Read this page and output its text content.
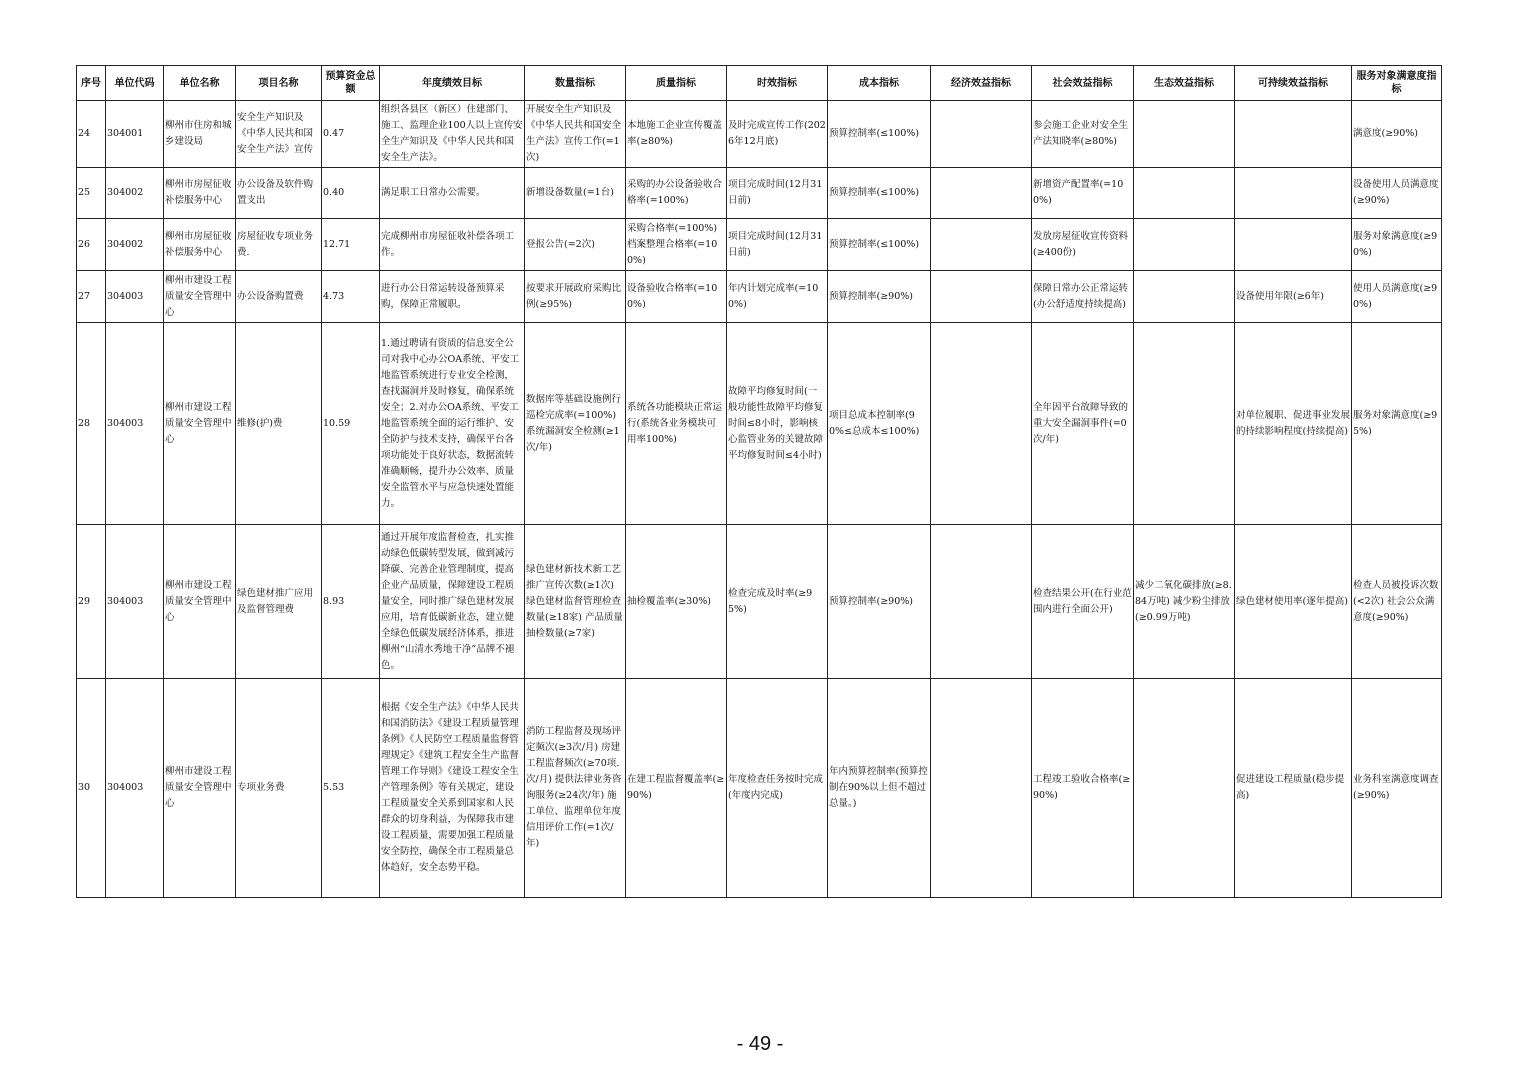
序号	单位代码	单位名称	项目名称	预算资金总额	年度绩效目标	数量指标	质量指标	时效指标	成本指标	经济效益指标	社会效益指标	生态效益指标	可持续效益指标	服务对象满意度指标
24	304001	柳州市住房和城乡建设局	安全生产知识及《中华人民共和国安全生产法》宣传	0.47	组织各县区（新区）住建部门、施工、监理企业100人以上宣传安全生产知识及《中华人民共和国安全生产法》。	开展安全生产知识及《中华人民共和国安全生产法》宣传工作(=1次)	本地施工企业宣传覆盖率(≥80%)	及时完成宣传工作(2026年12月底)	预算控制率(≤100%)		参会施工企业对安全生产法知晓率(≥80%)			满意度(≥90%)
25	304002	柳州市房屋征收补偿服务中心	办公设备及软件购置支出	0.40	满足职工日常办公需要。	新增设备数量(=1台)	采购的办公设备验收合格率(=100%)	项目完成时间(12月31日前)	预算控制率(≤100%)		新增资产配置率(=100%)			设备使用人员满意度(≥90%)
26	304002	柳州市房屋征收补偿服务中心	房屋征收专项业务费.	12.71	完成柳州市房屋征收补偿各项工作。	登报公告(=2次)	采购合格率(=100%) 档案整理合格率(=100%)	项目完成时间(12月31日前)	预算控制率(≤100%)		发放房屋征收宣传资料(≥400份)			服务对象满意度(≥90%)
27	304003	柳州市建设工程质量安全管理中心	办公设备购置费	4.73	进行办公日常运转设备预算采购，保障正常履职。	按要求开展政府采购比例(≥95%)	设备验收合格率(=100%)	年内计划完成率(=100%)	预算控制率(≥90%)		保障日常办公正常运转(办公舒适度持续提高)		设备使用年限(≥6年)	使用人员满意度(≥90%)
28	304003	柳州市建设工程质量安全管理中心	维修(护)费	10.59	1.通过聘请有资质的信息安全公司对我中心办公OA系统、平安工地监管系统进行专业安全检测，查找漏洞并及时修复，确保系统安全；2.对办公OA系统、平安工地监管系统全面的运行维护、安全防护与技术支持，确保平台各项功能处于良好状态，数据流转准确顺畅，提升办公效率、质量安全监管水平与应急快速处置能力。	数据库等基础设施例行巡检完成率(=100%) 系统漏洞安全检测(≥1次/年)	系统各功能模块正常运行(系统各业务模块可用率100%)	故障平均修复时间(一般功能性故障平均修复时间≤8小时，影响核心监管业务的关键故障平均修复时间≤4小时)	项目总成本控制率(90%≤总成本≤100%)		全年因平台故障导致的重大安全漏洞事件(=0次/年)		对单位履职、促进事业发展的持续影响程度(持续提高)	服务对象满意度(≥95%)
29	304003	柳州市建设工程质量安全管理中心	绿色建材推广应用及监督管理费	8.93	通过开展年度监督检查，扎实推动绿色低碳转型发展，做到减污降碳、完善企业管理制度，提高企业产品质量，保障建设工程质量安全，同时推广绿色建材发展应用，培育低碳新业态，建立健全绿色低碳发展经济体系，推进柳州“山清水秀地干净”品牌不褪色。	绿色建材新技术新工艺推广宣传次数(≥1次) 绿色建材监督管理检查数量(≥18家) 产品质量抽检数量(≥7家)	抽检覆盖率(≥30%)	检查完成及时率(≥95%)	预算控制率(≥90%)		检查结果公开(在行业范围内进行全面公开)	减少二氧化碳排放(≥8.84万吨) 减少粉尘排放(≥0.99万吨)	绿色建材使用率(逐年提高)	检查人员被投诉次数(<2次) 社会公众满意度(≥90%)
30	304003	柳州市建设工程质量安全管理中心	专项业务费	5.53	根据《安全生产法》《中华人民共和国消防法》《建设工程质量管理条例》《人民防空工程质量监督管理规定》《建筑工程安全生产监督管理工作导则》《建设工程安全生产管理条例》等有关规定，建设工程质量安全关系到国家和人民群众的切身利益，为保障我市建设工程质量，需要加强工程质量安全防控，确保全市工程质量总体趋好，安全态势平稳。	消防工程监督及现场评定频次(≥3次/月) 房建工程监督频次(≥70项.次/月) 提供法律业务咨询服务(≥24次/年) 施工单位、监理单位年度信用评价工作(=1次/年)	在建工程监督覆盖率(≥90%)	年度检查任务按时完成(年度内完成)	年内预算控制率(预算控制在90%以上但不超过总量。)		工程竣工验收合格率(≥90%)		促进建设工程质量(稳步提高)	业务科室满意度调查(≥90%)
- 49 -
